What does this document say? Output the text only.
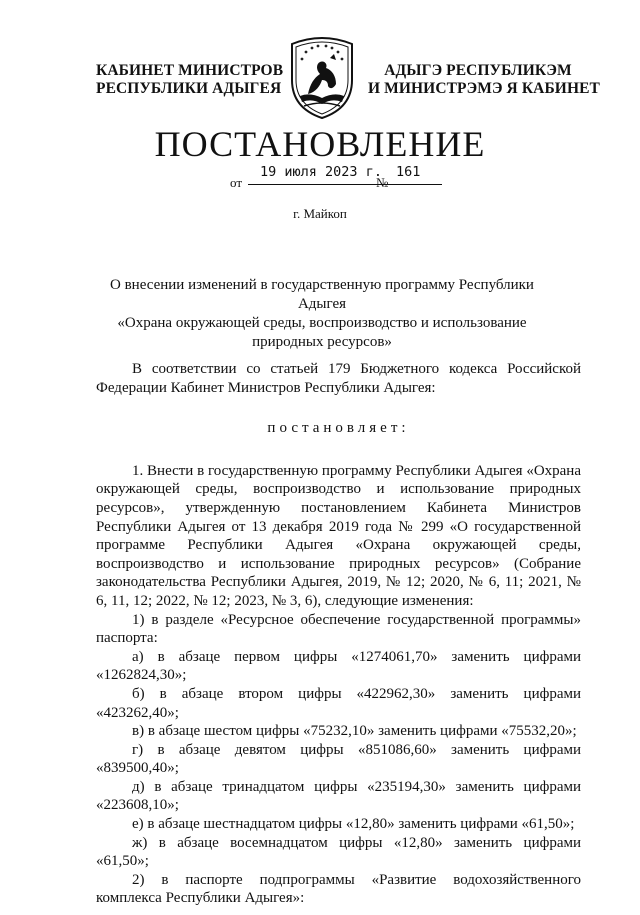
КАБИНЕТ МИНИСТРОВ
РЕСПУБЛИКИ АДЫГЕЯ
АДЫГЭ РЕСПУБЛИКЭМ
И МИНИСТРЭМЭ Я КАБИНЕТ
ПОСТАНОВЛЕНИЕ
от
19 июля 2023 г.
№
161
г. Майкоп
О внесении изменений в государственную программу Республики Адыгея
«Охрана окружающей среды, воспроизводство и использование
природных ресурсов»

В соответствии со статьей 179 Бюджетного кодекса Российской Федерации Кабинет Министров Республики Адыгея:

постановляет:

1. Внести в государственную программу Республики Адыгея «Охрана окружающей среды, воспроизводство и использование природных ресурсов», утвержденную постановлением Кабинета Министров Республики Адыгея от 13 декабря 2019 года № 299 «О государственной программе Республики Адыгея «Охрана окружающей среды, воспроизводство и использование природных ресурсов» (Собрание законодательства Республики Адыгея, 2019, № 12; 2020, № 6, 11; 2021, № 6, 11, 12; 2022, № 12; 2023, № 3, 6), следующие изменения:

1) в разделе «Ресурсное обеспечение государственной программы» паспорта:

а) в абзаце первом цифры «1274061,70» заменить цифрами «1262824,30»;

б) в абзаце втором цифры «422962,30» заменить цифрами «423262,40»;

в) в абзаце шестом цифры «75232,10» заменить цифрами «75532,20»;

г) в абзаце девятом цифры «851086,60» заменить цифрами «839500,40»;

д) в абзаце тринадцатом цифры «235194,30» заменить цифрами «223608,10»;

е) в абзаце шестнадцатом цифры «12,80» заменить цифрами «61,50»;

ж) в абзаце восемнадцатом цифры «12,80» заменить цифрами «61,50»;

2) в паспорте подпрограммы «Развитие водохозяйственного комплекса Республики Адыгея»:
